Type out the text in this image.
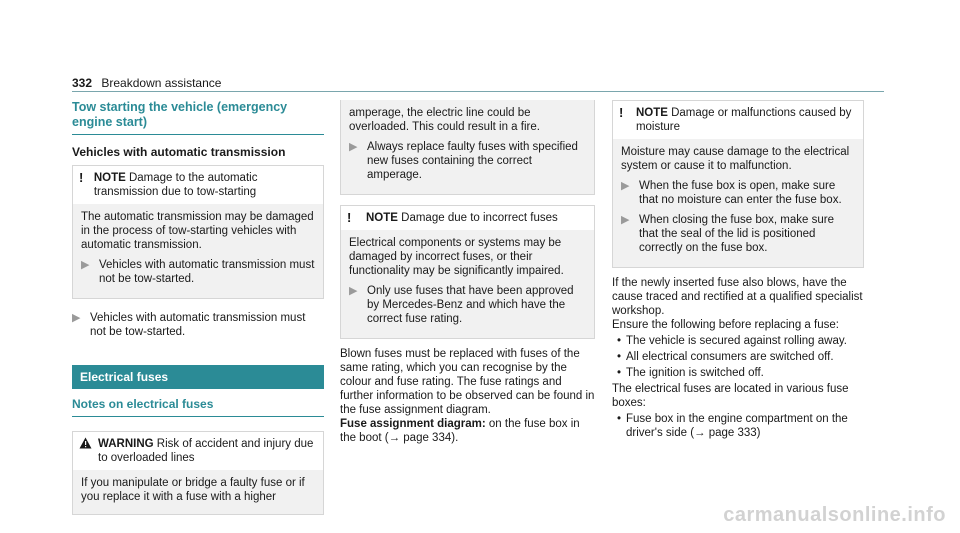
332 Breakdown assistance
Tow starting the vehicle (emergency engine start)
Vehicles with automatic transmission
! NOTE Damage to the automatic transmission due to tow-starting

The automatic transmission may be damaged in the process of tow-starting vehicles with automatic transmission.

▶ Vehicles with automatic transmission must not be tow-started.
▶ Vehicles with automatic transmission must not be tow-started.
Electrical fuses
Notes on electrical fuses
WARNING Risk of accident and injury due to overloaded lines

If you manipulate or bridge a faulty fuse or if you replace it with a fuse with a higher

amperage, the electric line could be overloaded. This could result in a fire.

▶ Always replace faulty fuses with specified new fuses containing the correct amperage.
!	NOTE Damage due to incorrect fuses

Electrical components or systems may be damaged by incorrect fuses, or their functionality may be significantly impaired.

▶ Only use fuses that have been approved by Mercedes-Benz and which have the correct fuse rating.

Blown fuses must be replaced with fuses of the same rating, which you can recognise by the colour and fuse rating. The fuse ratings and further information to be observed can be found in the fuse assignment diagram.

Fuse assignment diagram: on the fuse box in the boot (→ page 334).

!	NOTE Damage or malfunctions caused by moisture

Moisture may cause damage to the electrical system or cause it to malfunction.

▶ When the fuse box is open, make sure that no moisture can enter the fuse box.
▶ When closing the fuse box, make sure that the seal of the lid is positioned correctly on the fuse box.

If the newly inserted fuse also blows, have the cause traced and rectified at a qualified specialist workshop.

Ensure the following before replacing a fuse:

• The vehicle is secured against rolling away.
• All electrical consumers are switched off.
• The ignition is switched off.

The electrical fuses are located in various fuse boxes:

• Fuse box in the engine compartment on the driver's side (→ page 333)
carmanualsonline.info
